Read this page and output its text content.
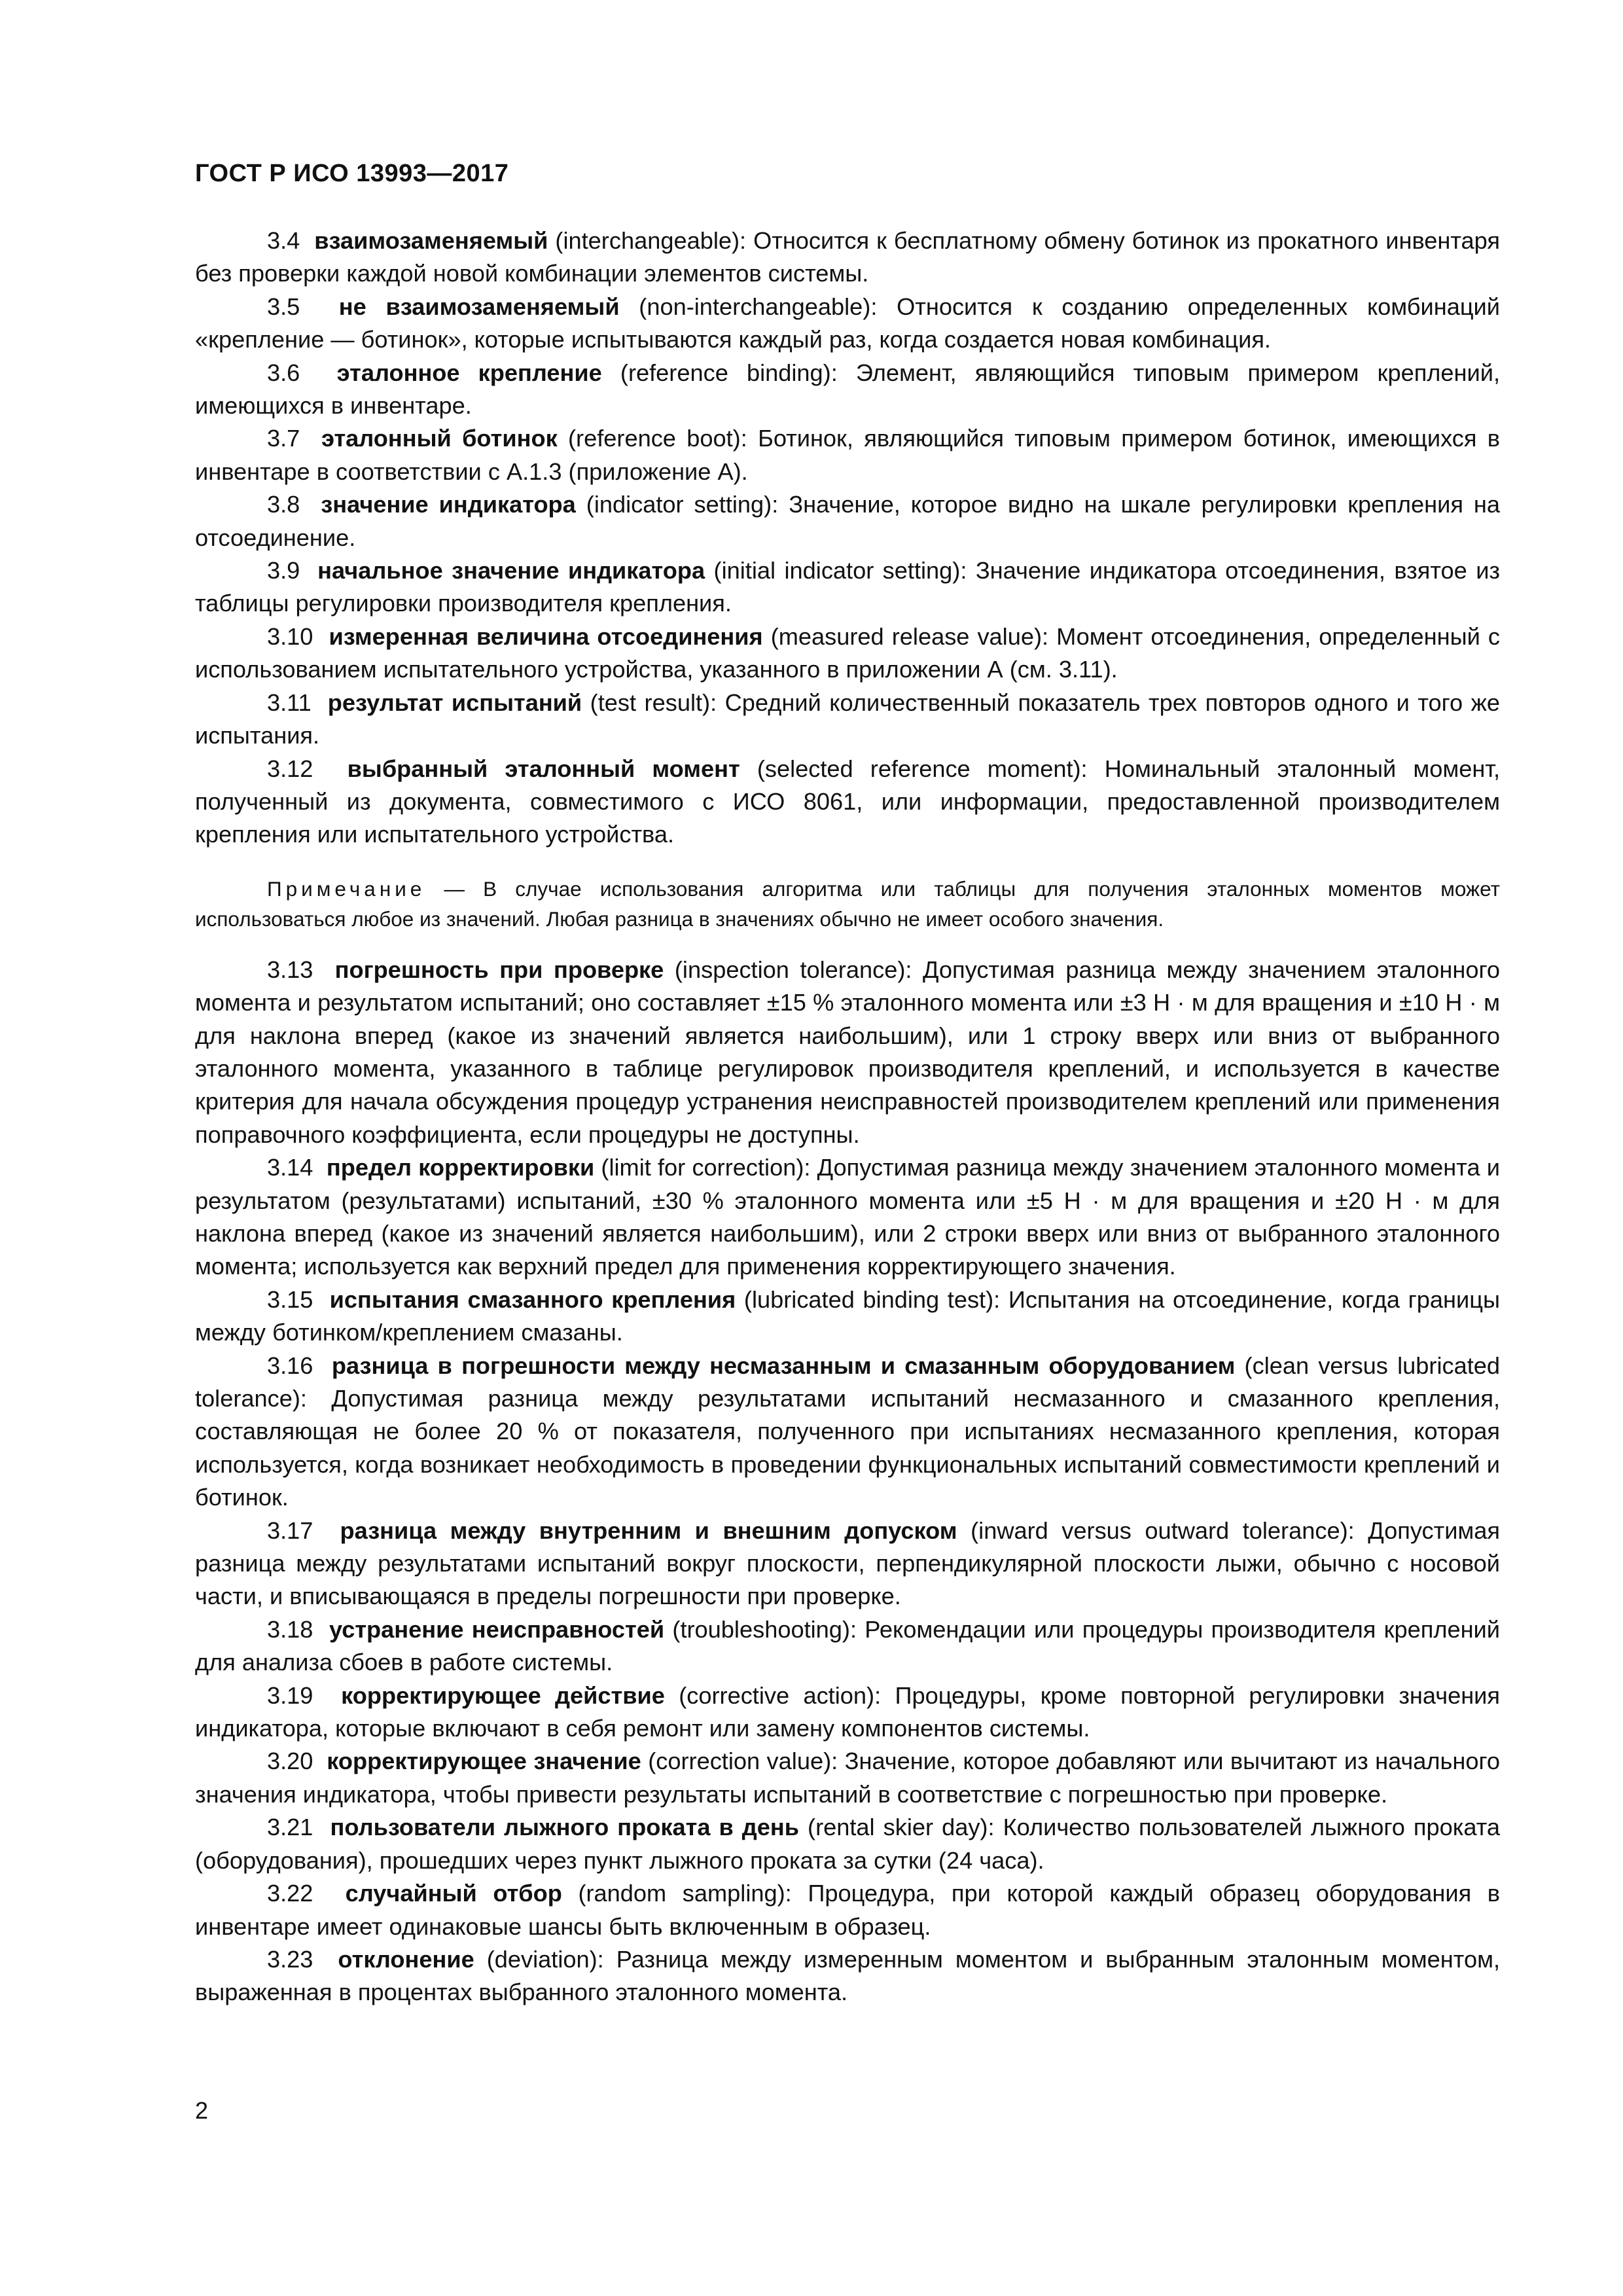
ГОСТ Р ИСО 13993—2017

3.4 взаимозаменяемый (interchangeable): Относится к бесплатному обмену ботинок из прокатного инвентаря без проверки каждой новой комбинации элементов системы.

3.5 не взаимозаменяемый (non-interchangeable): Относится к созданию определенных комбинаций «крепление — ботинок», которые испытываются каждый раз, когда создается новая комбинация.

3.6 эталонное крепление (reference binding): Элемент, являющийся типовым примером креплений, имеющихся в инвентаре.

3.7 эталонный ботинок (reference boot): Ботинок, являющийся типовым примером ботинок, имеющихся в инвентаре в соответствии с А.1.3 (приложение А).

3.8 значение индикатора (indicator setting): Значение, которое видно на шкале регулировки крепления на отсоединение.

3.9 начальное значение индикатора (initial indicator setting): Значение индикатора отсоединения, взятое из таблицы регулировки производителя крепления.

3.10 измеренная величина отсоединения (measured release value): Момент отсоединения, определенный с использованием испытательного устройства, указанного в приложении А (см. 3.11).

3.11 результат испытаний (test result): Средний количественный показатель трех повторов одного и того же испытания.

3.12 выбранный эталонный момент (selected reference moment): Номинальный эталонный момент, полученный из документа, совместимого с ИСО 8061, или информации, предоставленной производителем крепления или испытательного устройства.

Примечание — В случае использования алгоритма или таблицы для получения эталонных моментов может использоваться любое из значений. Любая разница в значениях обычно не имеет особого значения.

3.13 погрешность при проверке (inspection tolerance): Допустимая разница между значением эталонного момента и результатом испытаний; оно составляет ±15 % эталонного момента или ±3 Н · м для вращения и ±10 Н · м для наклона вперед (какое из значений является наибольшим), или 1 строку вверх или вниз от выбранного эталонного момента, указанного в таблице регулировок производителя креплений, и используется в качестве критерия для начала обсуждения процедур устранения неисправностей производителем креплений или применения поправочного коэффициента, если процедуры не доступны.

3.14 предел корректировки (limit for correction): Допустимая разница между значением эталонного момента и результатом (результатами) испытаний, ±30 % эталонного момента или ±5 Н · м для вращения и ±20 Н · м для наклона вперед (какое из значений является наибольшим), или 2 строки вверх или вниз от выбранного эталонного момента; используется как верхний предел для применения корректирующего значения.

3.15 испытания смазанного крепления (lubricated binding test): Испытания на отсоединение, когда границы между ботинком/креплением смазаны.

3.16 разница в погрешности между несмазанным и смазанным оборудованием (clean versus lubricated tolerance): Допустимая разница между результатами испытаний несмазанного и смазанного крепления, составляющая не более 20 % от показателя, полученного при испытаниях несмазанного крепления, которая используется, когда возникает необходимость в проведении функциональных испытаний совместимости креплений и ботинок.

3.17 разница между внутренним и внешним допуском (inward versus outward tolerance): Допустимая разница между результатами испытаний вокруг плоскости, перпендикулярной плоскости лыжи, обычно с носовой части, и вписывающаяся в пределы погрешности при проверке.

3.18 устранение неисправностей (troubleshooting): Рекомендации или процедуры производителя креплений для анализа сбоев в работе системы.

3.19 корректирующее действие (corrective action): Процедуры, кроме повторной регулировки значения индикатора, которые включают в себя ремонт или замену компонентов системы.

3.20 корректирующее значение (correction value): Значение, которое добавляют или вычитают из начального значения индикатора, чтобы привести результаты испытаний в соответствие с погрешностью при проверке.

3.21 пользователи лыжного проката в день (rental skier day): Количество пользователей лыжного проката (оборудования), прошедших через пункт лыжного проката за сутки (24 часа).

3.22 случайный отбор (random sampling): Процедура, при которой каждый образец оборудования в инвентаре имеет одинаковые шансы быть включенным в образец.

3.23 отклонение (deviation): Разница между измеренным моментом и выбранным эталонным моментом, выраженная в процентах выбранного эталонного момента.

2
